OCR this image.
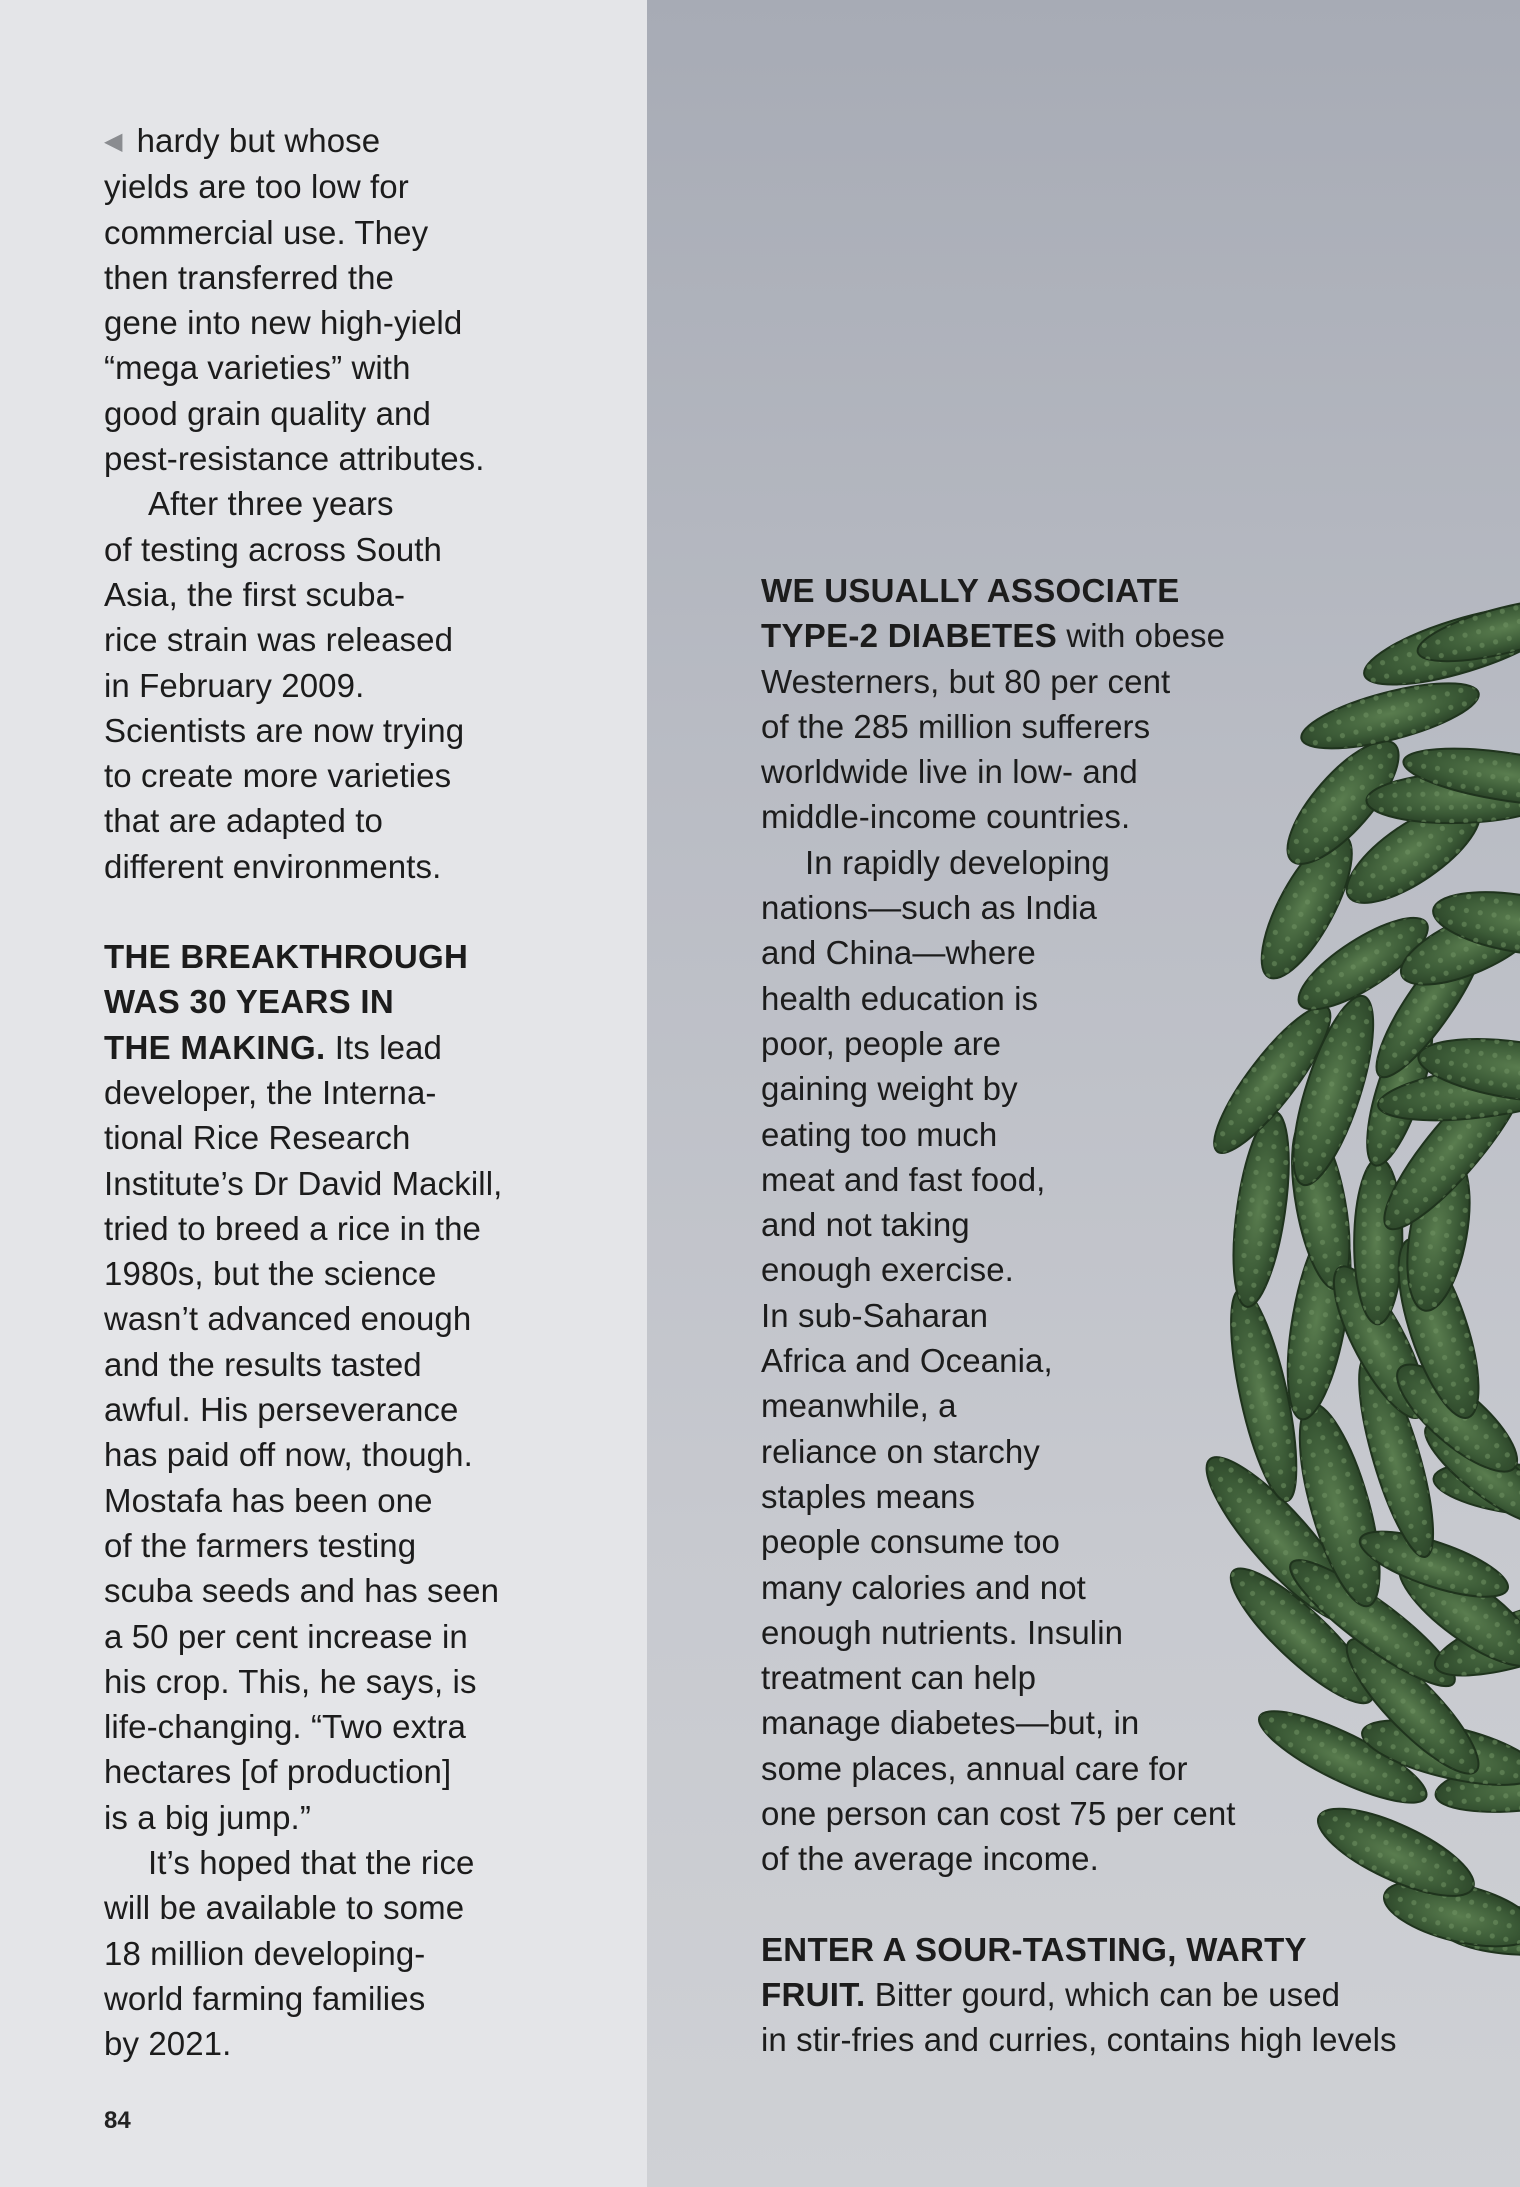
◀ hardy but whose
yields are too low for
commercial use. They
then transferred the
gene into new high-yield
“mega varieties” with
good grain quality and
pest-resistance attributes.
After three years
of testing across South
Asia, the first scuba-
rice strain was released
in February 2009.
Scientists are now trying
to create more varieties
that are adapted to
different environments.
THE BREAKTHROUGH
WAS 30 YEARS IN
THE MAKING. Its lead
developer, the Interna-
tional Rice Research
Institute’s Dr David Mackill,
tried to breed a rice in the
1980s, but the science
wasn’t advanced enough
and the results tasted
awful. His perseverance
has paid off now, though.
Mostafa has been one
of the farmers testing
scuba seeds and has seen
a 50 per cent increase in
his crop. This, he says, is
life-changing. “Two extra
hectares [of production]
is a big jump.”
It’s hoped that the rice
will be available to some
18 million developing-
world farming families
by 2021.
WE USUALLY ASSOCIATE
TYPE-2 DIABETES with obese
Westerners, but 80 per cent
of the 285 million sufferers
worldwide live in low- and
middle-income countries.
In rapidly developing
nations—such as India
and China—where
health education is
poor, people are
gaining weight by
eating too much
meat and fast food,
and not taking
enough exercise.
In sub-Saharan
Africa and Oceania,
meanwhile, a
reliance on starchy
staples means
people consume too
many calories and not
enough nutrients. Insulin
treatment can help
manage diabetes—but, in
some places, annual care for
one person can cost 75 per cent
of the average income.
ENTER A SOUR-TASTING, WARTY
FRUIT. Bitter gourd, which can be used
in stir-fries and curries, contains high levels
84
